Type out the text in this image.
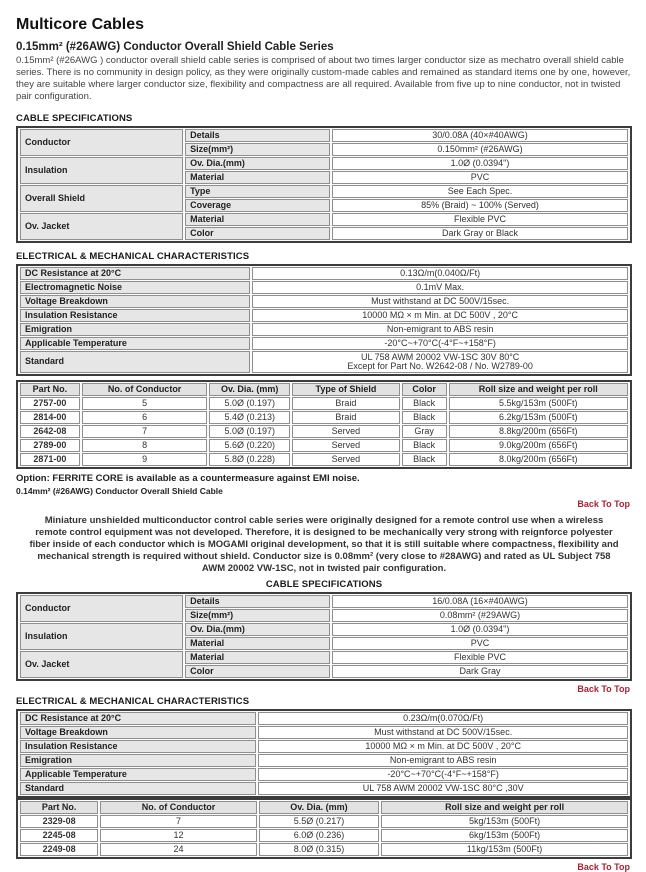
Multicore Cables
0.15mm² (#26AWG) Conductor Overall Shield Cable Series

0.15mm² (#26AWG ) conductor overall shield cable series is comprised of about two times larger conductor size as mechatro overall shield cable series. There is no community in design policy, as they were originally custom-made cables and remained as standard items one by one, however, they are suitable where larger conductor size, flexibility and compactness are all required. Available from five up to nine conductor, not in twisted pair configuration.

CABLE SPECIFICATIONS
Conductor	Details	30/0.08A (40×#40AWG)
	Size(mm²)	0.150mm² (#26AWG)
Insulation	Ov. Dia.(mm)	1.0Ø (0.0394")
	Material	PVC
Overall Shield	Type	See Each Spec.
	Coverage	85% (Braid) ~ 100% (Served)
Ov. Jacket	Material	Flexible PVC
	Color	Dark Gray or Black
ELECTRICAL & MECHANICAL CHARACTERISTICS
DC Resistance at 20°C	0.13Ω/m(0.040Ω/Ft)
Electromagnetic Noise	0.1mV Max.
Voltage Breakdown	Must withstand at DC 500V/15sec.
Insulation Resistance	10000 MΩ × m Min. at DC 500V , 20°C
Emigration	Non-emigrant to ABS resin
Applicable Temperature	-20°C~+70°C(-4°F~+158°F)
Standard	UL 758 AWM 20002 VW-1SC 30V 80°C
Except for Part No. W2642-08 / No. W2789-00
Part No.	No. of Conductor	Ov. Dia. (mm)	Type of Shield	Color	Roll size and weight per roll
2757-00	5	5.0Ø (0.197)	Braid	Black	5.5kg/153m (500Ft)
2814-00	6	5.4Ø (0.213)	Braid	Black	6.2kg/153m (500Ft)
2642-08	7	5.0Ø (0.197)	Served	Gray	8.8kg/200m (656Ft)
2789-00	8	5.6Ø (0.220)	Served	Black	9.0kg/200m (656Ft)
2871-00	9	5.8Ø (0.228)	Served	Black	8.0kg/200m (656Ft)
Option: FERRITE CORE is available as a countermeasure against EMI noise.
0.14mm² (#26AWG) Conductor Overall Shield Cable
Back To Top

Miniature unshielded multiconductor control cable series were originally designed for a remote control use when a wireless remote control equipment was not developed. Therefore, it is designed to be mechanically very strong with reignforce polyester fiber inside of each conductor which is MOGAMI original development, so that it is still suitable where compactness, flexibility and mechanical strength is required without shield. Conductor size is 0.08mm² (very close to #28AWG) and rated as UL Subject 758 AWM 20002 VW-1SC, not in twisted pair configuration.

CABLE SPECIFICATIONS
Conductor	Details	16/0.08A (16×#40AWG)
	Size(mm²)	0.08mm² (#29AWG)
Insulation	Ov. Dia.(mm)	1.0Ø (0.0394")
	Material	PVC
Ov. Jacket	Material	Flexible PVC
	Color	Dark Gray
Back To Top
ELECTRICAL & MECHANICAL CHARACTERISTICS
DC Resistance at 20°C	0.23Ω/m(0.070Ω/Ft)
Voltage Breakdown	Must withstand at DC 500V/15sec.
Insulation Resistance	10000 MΩ × m Min. at DC 500V , 20°C
Emigration	Non-emigrant to ABS resin
Applicable Temperature	-20°C~+70°C(-4°F~+158°F)
Standard	UL 758 AWM 20002 VW-1SC 80°C ,30V
Part No.	No. of Conductor	Ov. Dia. (mm)	Roll size and weight per roll
2329-08	7	5.5Ø (0.217)	5kg/153m (500Ft)
2245-08	12	6.0Ø (0.236)	6kg/153m (500Ft)
2249-08	24	8.0Ø (0.315)	11kg/153m (500Ft)
Back To Top
